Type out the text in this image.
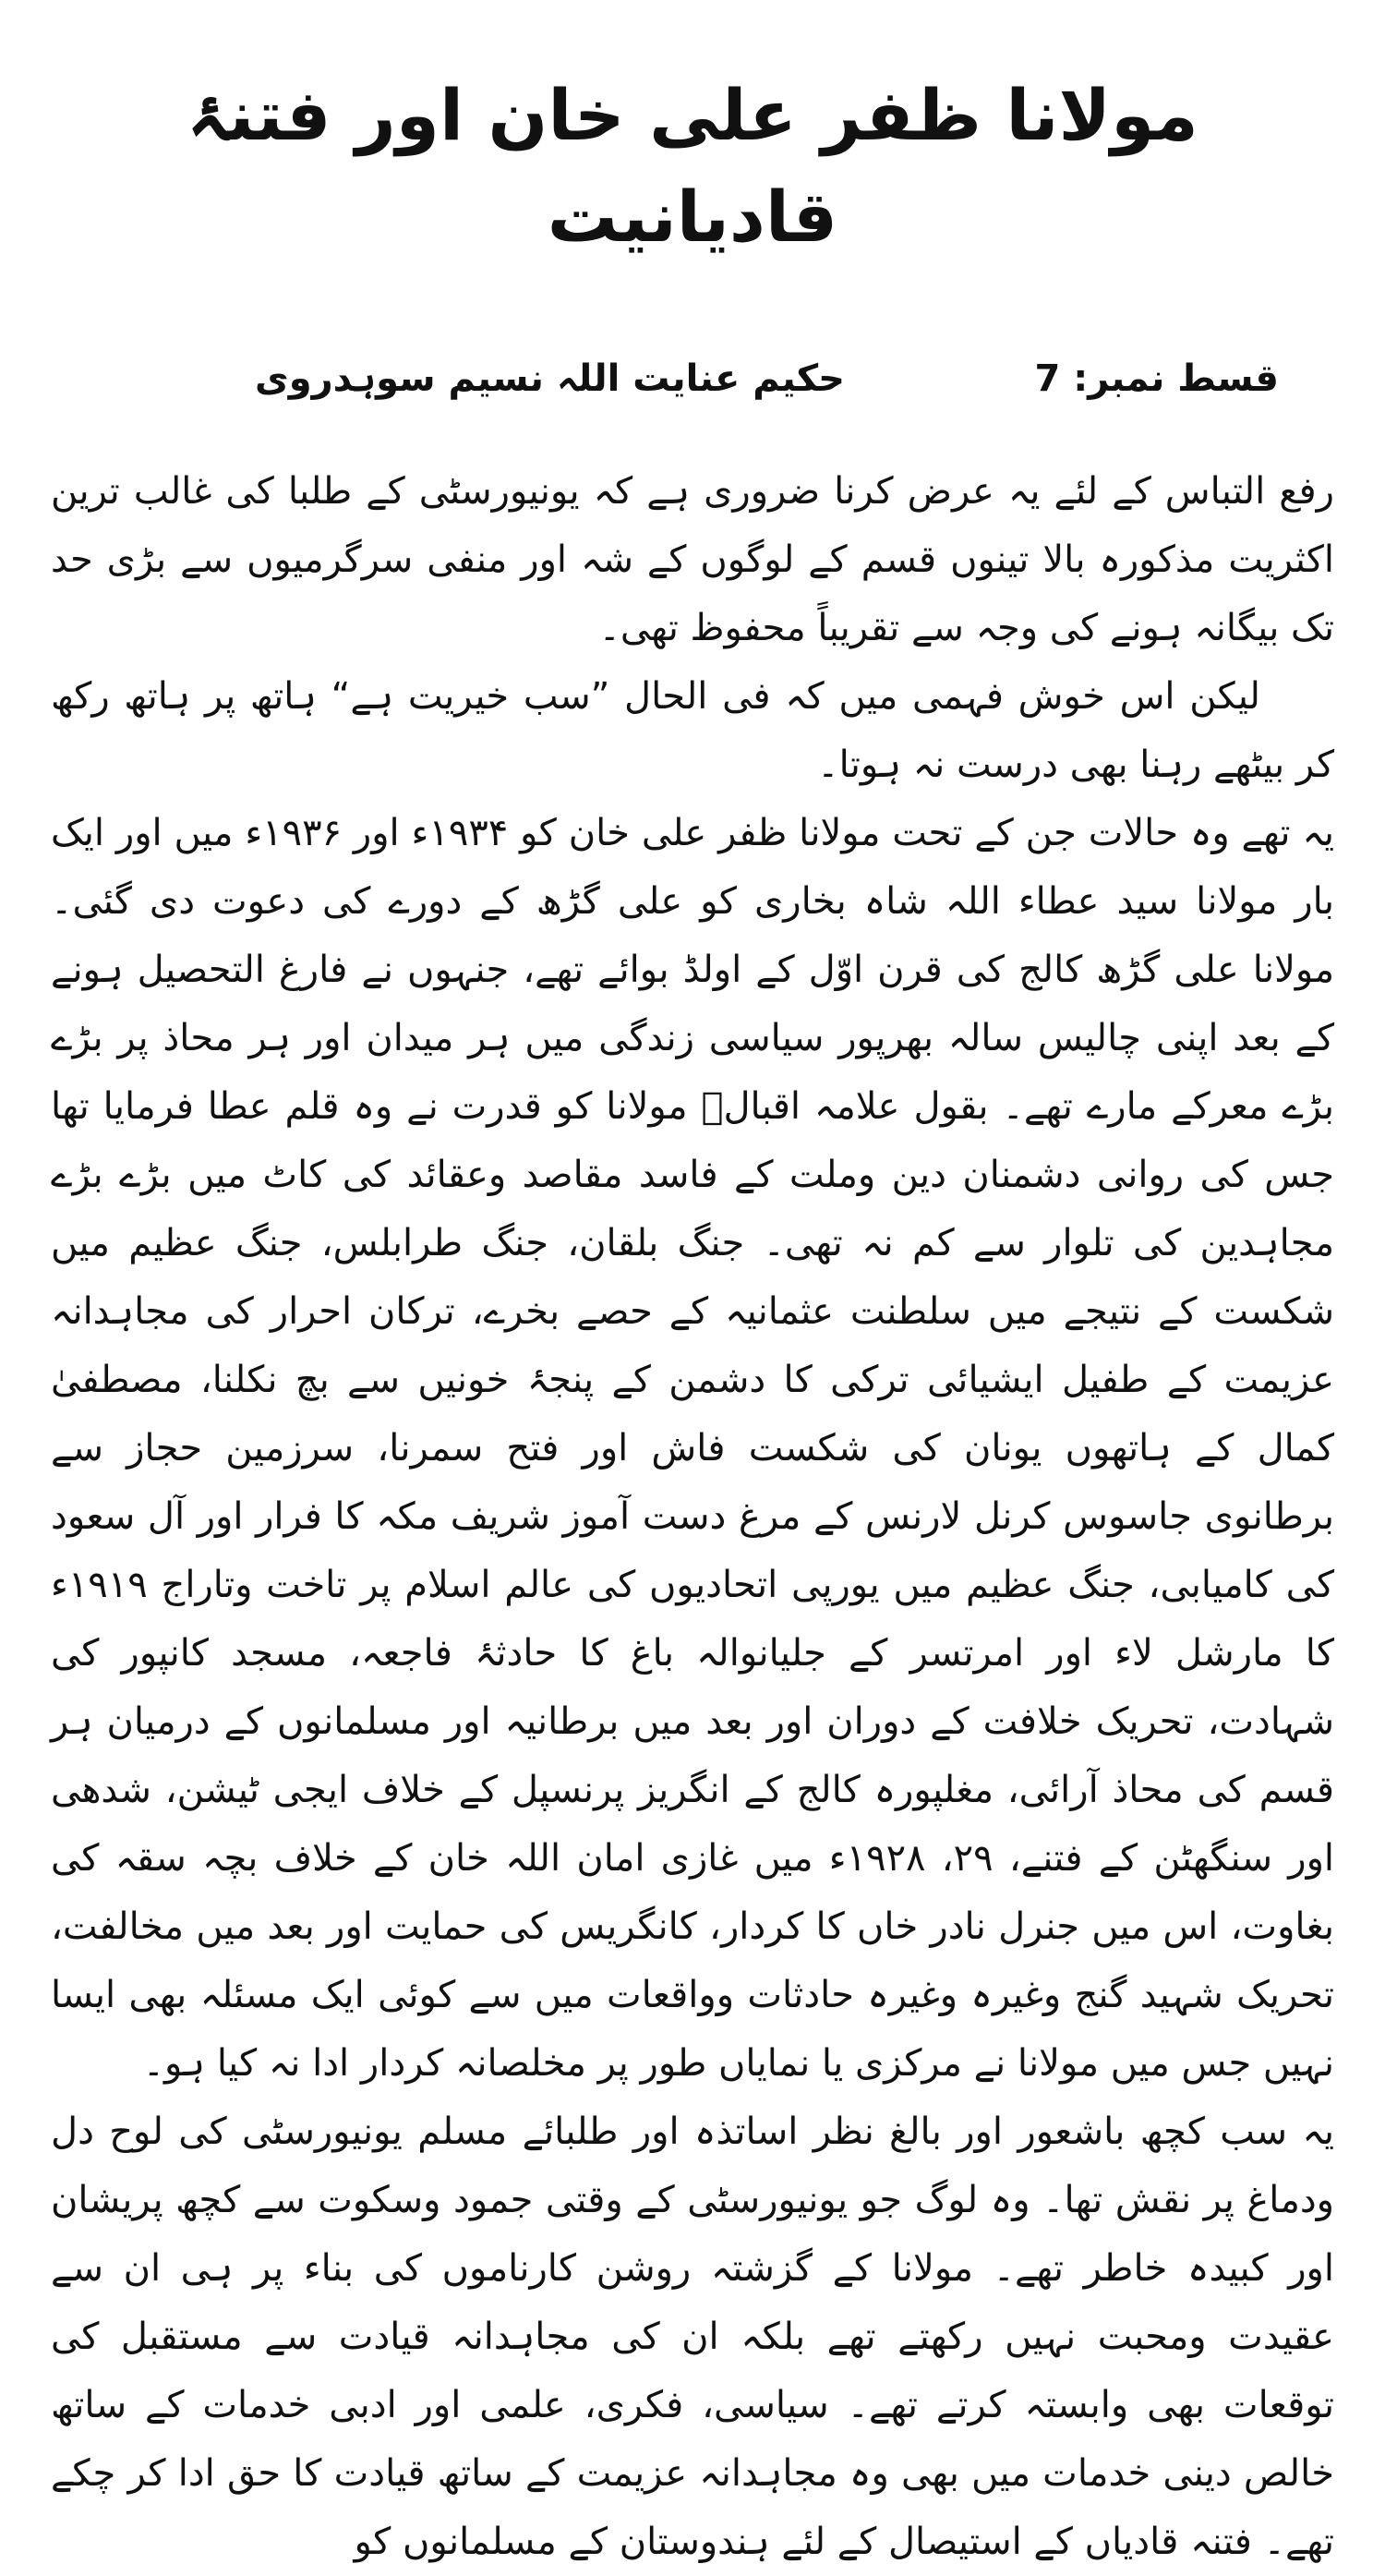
مولانا ظفر علی خان اور فتنۂ قادیانیت
قسط نمبر: 7
حکیم عنایت اللہ نسیم سوہدروی

رفع التباس کے لئے یہ عرض کرنا ضروری ہے کہ یونیورسٹی کے طلبا کی غالب ترین اکثریت مذکورہ بالا تینوں قسم کے لوگوں کے شہ اور منفی سرگرمیوں سے بڑی حد تک بیگانہ ہونے کی وجہ سے تقریباً محفوظ تھی۔

لیکن اس خوش فہمی میں کہ فی الحال ”سب خیریت ہے“ ہاتھ پر ہاتھ رکھ کر بیٹھے رہنا بھی درست نہ ہوتا۔

یہ تھے وہ حالات جن کے تحت مولانا ظفر علی خان کو ۱۹۳۴ء اور ۱۹۳۶ء میں اور ایک بار مولانا سید عطاء اللہ شاہ بخاری کو علی گڑھ کے دورے کی دعوت دی گئی۔ مولانا علی گڑھ کالج کی قرن اوّل کے اولڈ بوائے تھے، جنہوں نے فارغ التحصیل ہونے کے بعد اپنی چالیس سالہ بھرپور سیاسی زندگی میں ہر میدان اور ہر محاذ پر بڑے بڑے معرکے مارے تھے۔ بقول علامہ اقبالؒ مولانا کو قدرت نے وہ قلم عطا فرمایا تھا جس کی روانی دشمنان دین وملت کے فاسد مقاصد وعقائد کی کاٹ میں بڑے بڑے مجاہدین کی تلوار سے کم نہ تھی۔ جنگ بلقان، جنگ طرابلس، جنگ عظیم میں شکست کے نتیجے میں سلطنت عثمانیہ کے حصے بخرے، ترکان احرار کی مجاہدانہ عزیمت کے طفیل ایشیائی ترکی کا دشمن کے پنجۂ خونیں سے بچ نکلنا، مصطفیٰ کمال کے ہاتھوں یونان کی شکست فاش اور فتح سمرنا، سرزمین حجاز سے برطانوی جاسوس کرنل لارنس کے مرغ دست آموز شریف مکہ کا فرار اور آل سعود کی کامیابی، جنگ عظیم میں یورپی اتحادیوں کی عالم اسلام پر تاخت وتاراج ۱۹۱۹ء کا مارشل لاء اور امرتسر کے جلیانوالہ باغ کا حادثۂ فاجعہ، مسجد کانپور کی شہادت، تحریک خلافت کے دوران اور بعد میں برطانیہ اور مسلمانوں کے درمیان ہر قسم کی محاذ آرائی، مغلپورہ کالج کے انگریز پرنسپل کے خلاف ایجی ٹیشن، شدھی اور سنگھٹن کے فتنے، ۲۹، ۱۹۲۸ء میں غازی امان اللہ خان کے خلاف بچہ سقہ کی بغاوت، اس میں جنرل نادر خاں کا کردار، کانگریس کی حمایت اور بعد میں مخالفت، تحریک شہید گنج وغیرہ وغیرہ حادثات وواقعات میں سے کوئی ایک مسئلہ بھی ایسا نہیں جس میں مولانا نے مرکزی یا نمایاں طور پر مخلصانہ کردار ادا نہ کیا ہو۔

یہ سب کچھ باشعور اور بالغ نظر اساتذہ اور طلبائے مسلم یونیورسٹی کی لوح دل ودماغ پر نقش تھا۔ وہ لوگ جو یونیورسٹی کے وقتی جمود وسکوت سے کچھ پریشان اور کبیدہ خاطر تھے۔ مولانا کے گزشتہ روشن کارناموں کی بناء پر ہی ان سے عقیدت ومحبت نہیں رکھتے تھے بلکہ ان کی مجاہدانہ قیادت سے مستقبل کی توقعات بھی وابستہ کرتے تھے۔ سیاسی، فکری، علمی اور ادبی خدمات کے ساتھ خالص دینی خدمات میں بھی وہ مجاہدانہ عزیمت کے ساتھ قیادت کا حق ادا کر چکے تھے۔ فتنہ قادیاں کے استیصال کے لئے ہندوستان کے مسلمانوں کو
